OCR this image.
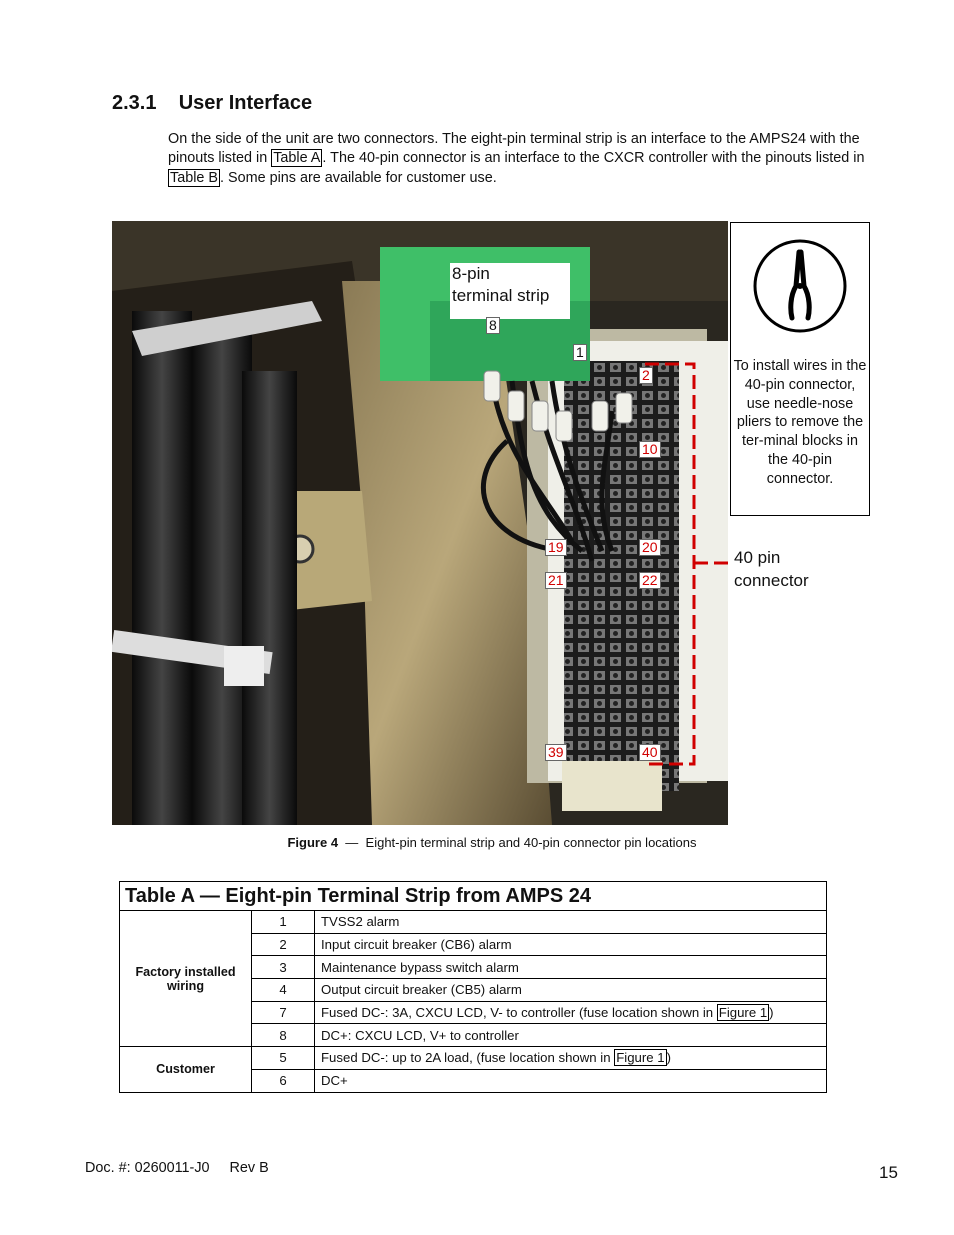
2.3.1 User Interface
On the side of the unit are two connectors. The eight-pin terminal strip is an interface to the AMPS24 with the pinouts listed in Table A . The 40-pin connector is an interface to the CXCR controller with the pinouts listed in Table B . Some pins are available for customer use.
8-pin
terminal strip
8
1
2
10
19	20
21	22
39	40
To install wires in the 40-pin connector, use needle-nose pliers to remove the ter-minal blocks in the 40-pin connector.
40 pin
connector
Figure 4 — Eight-pin terminal strip and 40-pin connector pin locations
Table A — Eight-pin Terminal Strip from AMPS 24		

Factory installed
wiring	1	TVSS2 alarm
	2	Input circuit breaker (CB6) alarm
	3	Maintenance bypass switch alarm
	4	Output circuit breaker (CB5) alarm
	7	Fused DC-: 3A, CXCU LCD, V- to controller (fuse location shown in Figure 1 )
	8	DC+: CXCU LCD, V+ to controller
Customer	5	Fused DC-: up to 2A load, (fuse location shown in Figure 1 )
	6	DC+
Doc. #: 0260011-J0     Rev B	15
